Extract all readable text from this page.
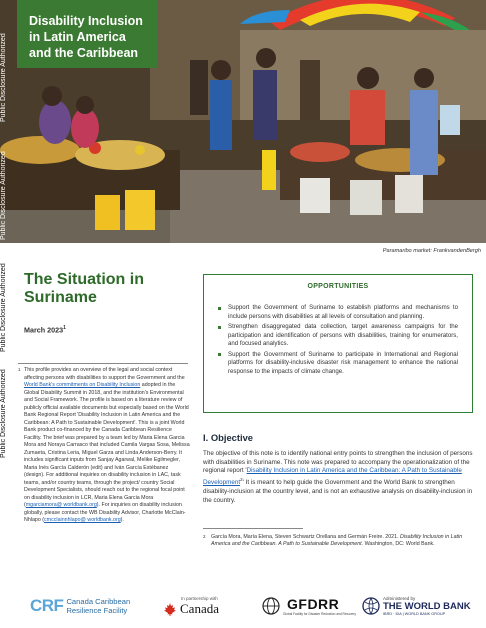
Disability Inclusion
in Latin America
and the Caribbean
Public Disclosure Authorized
Public Disclosure Authorized
Paramaribo market: FrankvandenBergh
The Situation in Suriname
March 2023$^1$
1 This profile provides an overview of the legal and social context affecting persons with disabilities to support the Government and the World Bank's commitments on Disability Inclusion adopted in the Global Disability Summit in 2018, and the institution's Environmental and Social Framework. The profile is based on a literature review of publicly official available documents but especially based on the World Bank Regional Report 'Disability Inclusion in Latin America and the Caribbean: A Path to Sustainable Development'. This is a joint World Bank product co-financed by the Canada Caribbean Resilience Facility. The brief was prepared by a team led by Maria Elena Garcia Mora and Noraya Carrasco that included Camila Vargas Sosa, Melissa Zumaeta, Cristina Leria, Miguel Garza and Linda Anderson-Berry. It includes significant inputs from Sanjay Agarwal, Melike Egilmegler, Maria Inés García Calderón (edit) and Iván García Estébanez (design). For additional inquiries on disability inclusion in LAC, task teams, and/or country teams, through the project/ country Social Development Specialists, should reach out to the regional focal point on disability inclusion in LCR, Maria Elena Garcia Mora (mgarciamora@ worldbank.org). For inquiries on disability inclusion globally, please contact the WB Disability Advisor, Charlotte McClain-Nhlapo (cmcclainnhlapo@ worldbank.org).
OPPORTUNITIES
Support the Government of Suriname to establish platforms and mechanisms to include persons with disabilities at all levels of consultation and planning.
Strengthen disaggregated data collection, target awareness campaigns for the participation and identification of persons with disabilities, training for enumerators, and focused analytics.
Support the Government of Suriname to participate in International and Regional platforms for disability-inclusive disaster risk management to enhance the national response to the impacts of climate change.
I. Objective

The objective of this note is to identify national entry points to strengthen the inclusion of persons with disabilities in Suriname. This note was prepared to accompany the operationalization of the regional report 'Disability Inclusion in Latin America and the Caribbean: A Path to Sustainable Development$^2$' It is meant to help guide the Government and the World Bank to strengthen disability-inclusion at the country level, and is not an exhaustive analysis on disability-inclusion in the country.

2	García Mora, María Elena, Steven Schwartz Orellana and Germán Freire. 2021. Disability Inclusion in Latin America and the Caribbean. A Path to Sustainable Development. Washington, DC: World Bank.
CRF Canada Caribbean
Resilience Facility
In partnership with
Canada	GFDRR
Global Facility for Disaster Reduction and Recovery
Administered by
THE WORLD BANK
IBRD · IDA | WORLD BANK GROUP
